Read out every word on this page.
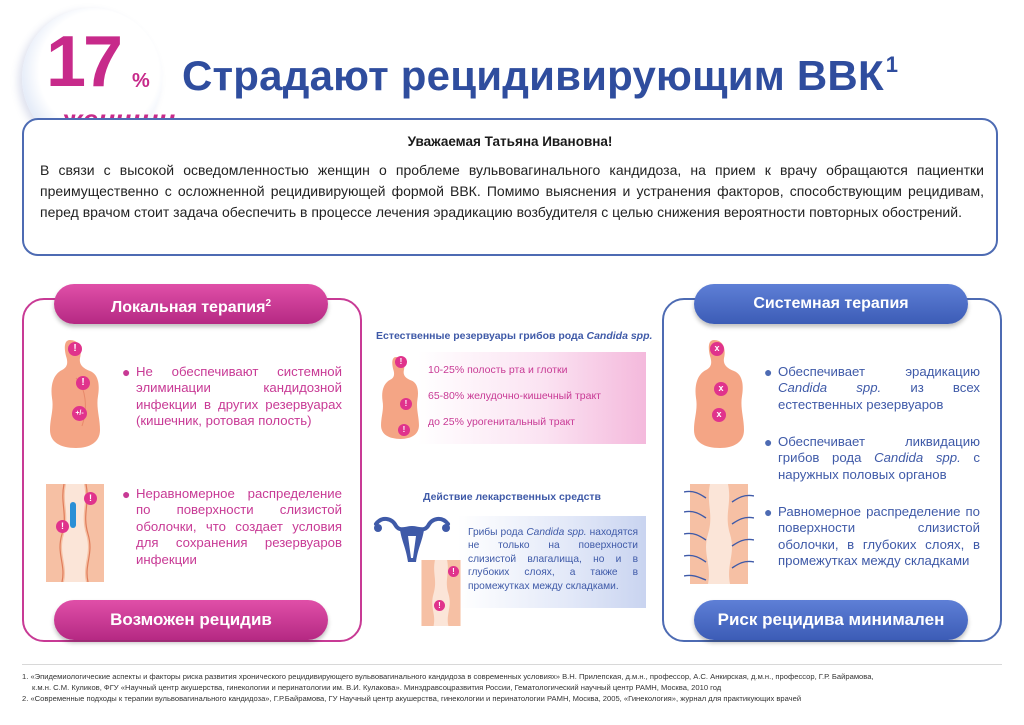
17 % Страдают рецидивирующим ВВК$^1$
Уважаемая Татьяна Ивановна!
В связи с высокой осведомленностью женщин о проблеме вульвовагинального кандидоза, на прием к врачу обращаются пациентки преимущественно с осложненной рецидивирующей формой ВВК. Помимо выяснения и устранения факторов, способствующим рецидивам, перед врачом стоит задача обеспечить в процессе лечения эрадикацию возбудителя с целью снижения вероятности повторных обострений.
Локальная терапия$^2$
!
!
+/-
● Не обеспечивают системной элиминации кандидозной инфекции в других резервуарах (кишечник, ротовая полость)
!
!
● Неравномерное распределение по поверхности слизистой оболочки, что создает условия для сохранения резервуаров инфекции
Возможен рецидив
Естественные резервуары грибов рода Candida spp.
10-25% полость рта и глотки
65-80% желудочно-кишечный тракт
до 25% урогенитальный тракт
!
!
!
Действие лекарственных средств
Грибы рода Candida spp. находятся не только на поверхности слизистой влагалища, но и в глубоких слоях, а также в промежутках между складками.
!
!
Системная терапия
x
x
x
● Обеспечивает эрадикацию Candida spp. из всех естественных резервуаров
● Обеспечивает ликвидацию грибов рода Candida spp. с наружных половых органов
● Равномерное распределение по поверхности слизистой оболочки, в глубоких слоях, в промежутках между складками
Риск рецидива минимален
1. «Эпидемиологические аспекты и факторы риска развития хронического рецидивирующего вульвовагинального кандидоза в современных условиях» В.Н. Прилепская, д.м.н., профессор, А.С. Анкирская, д.м.н., профессор, Г.Р. Байрамова,
к.м.н. С.М. Куликов, ФГУ «Научный центр акушерства, гинекологии и перинатологии им. В.И. Кулакова». Минздравсоцразвития России, Гематологический научный центр РАМН, Москва, 2010 год
2. «Современные подходы к терапии вульвовагинального кандидоза», Г.Р.Байрамова, ГУ Научный центр акушерства, гинекологии и перинатологии РАМН, Москва, 2005, «Гинекология», журнал для практикующих врачей
